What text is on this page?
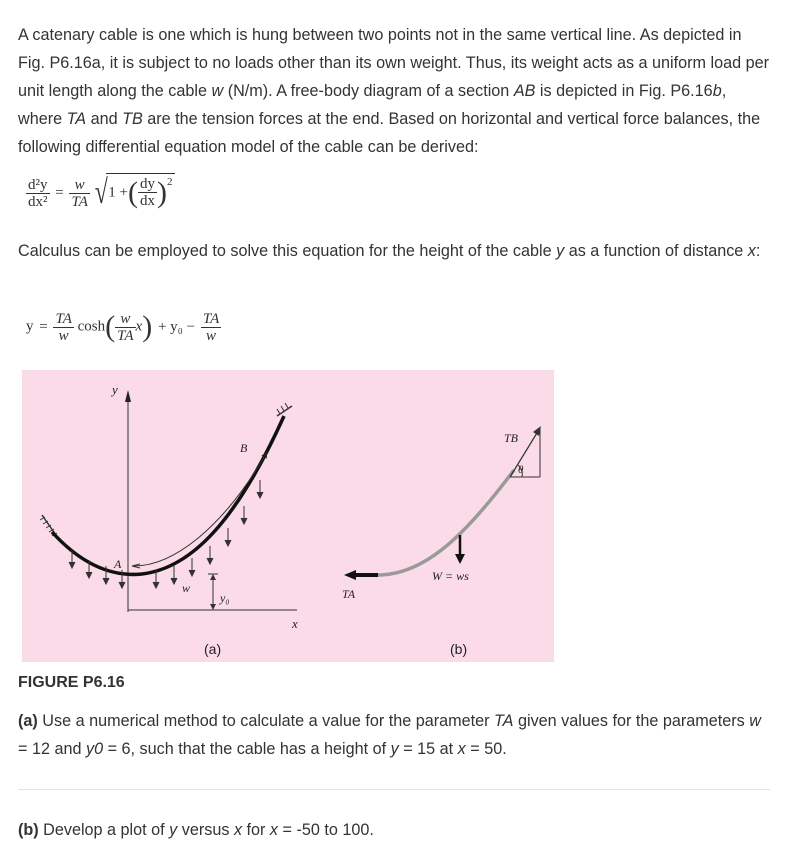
A catenary cable is one which is hung between two points not in the same vertical line. As depicted in Fig. P6.16a, it is subject to no loads other than its own weight. Thus, its weight acts as a uniform load per unit length along the cable w (N/m). A free-body diagram of a section AB is depicted in Fig. P6.16b, where TA and TB are the tension forces at the end. Based on horizontal and vertical force balances, the following differential equation model of the cable can be derived:

$\frac{\text{d²y}}{\text{dx²}} = \frac{w}{TA} √1$ +( $\frac{dy}{dx} )^2$

Calculus can be employed to solve this equation for the height of the cable y as a function of distance x:

$y = \frac{TA}{w} \cosh( \frac{w}{TA} x) + y_0 - \frac{TA}{w}$
y
x
A
B
w
y₀
(a)
TA
W = ws
TB
θ
(b)
FIGURE P6.16

(a) Use a numerical method to calculate a value for the parameter TA given values for the parameters w = 12 and y0 = 6, such that the cable has a height of y = 15 at x = 50.

(b) Develop a plot of y versus x for x = -50 to 100.
